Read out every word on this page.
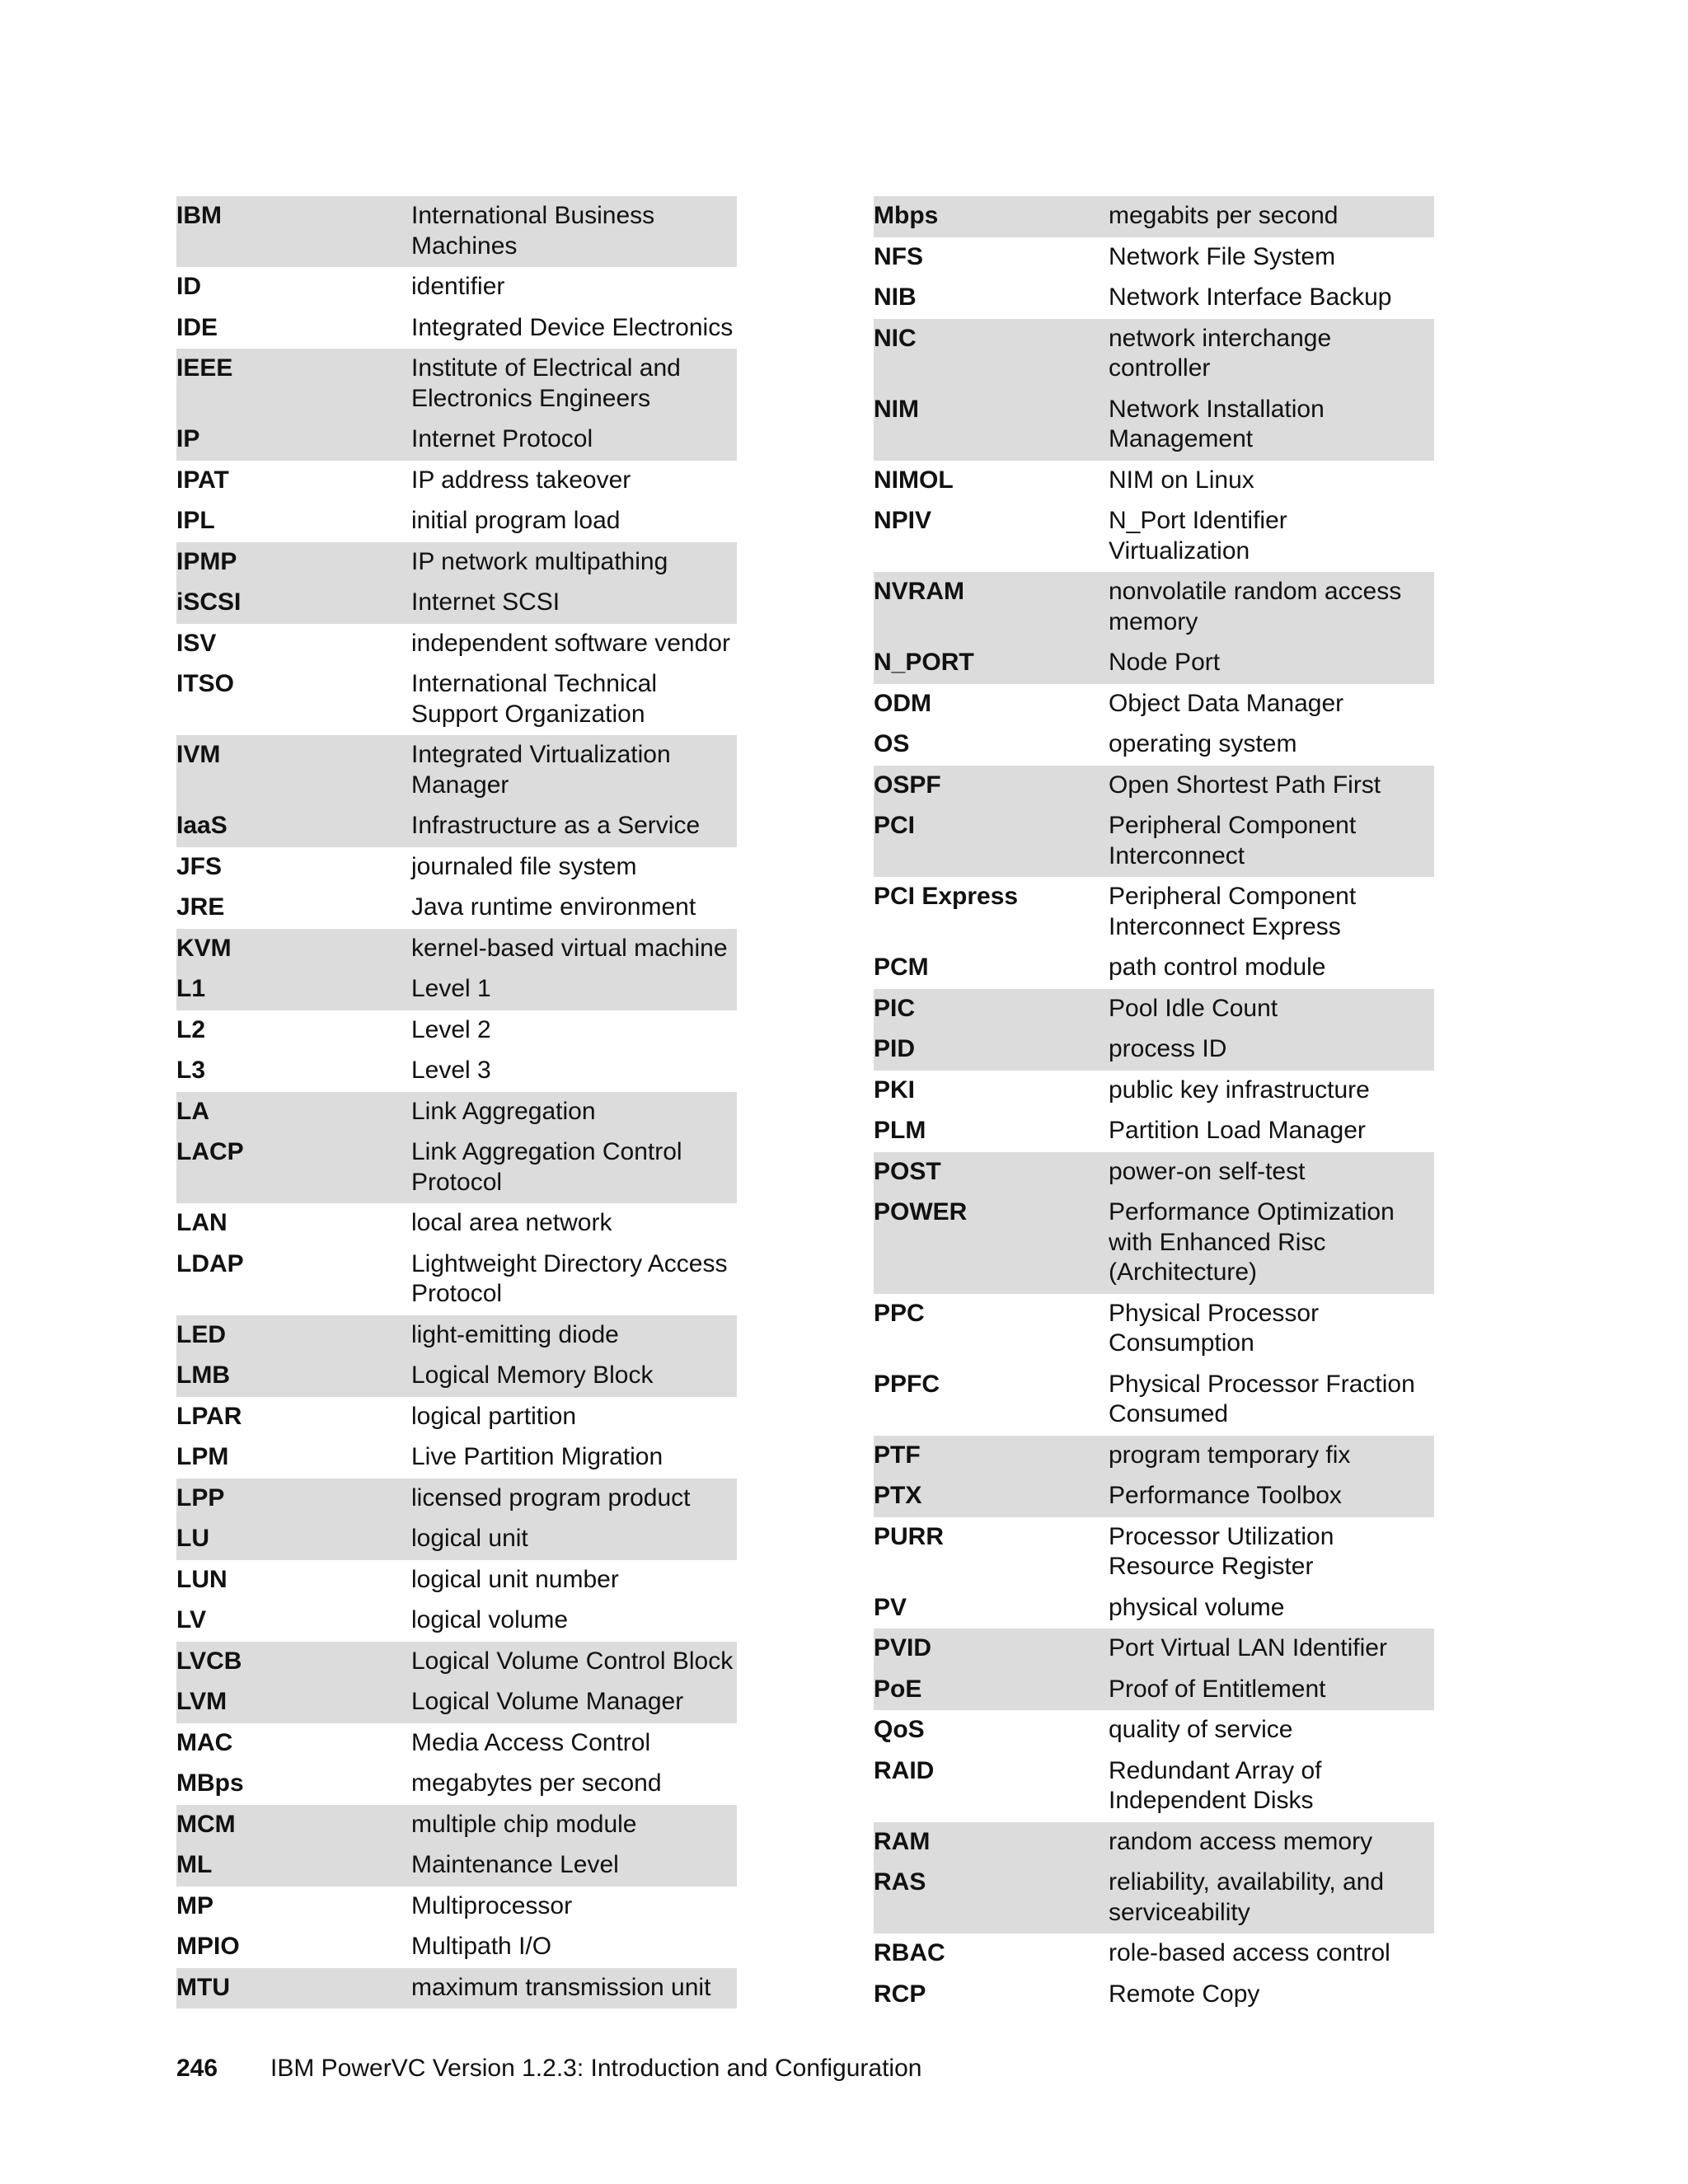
IBM	International Business
Machines
ID	identifier
IDE	Integrated Device Electronics
IEEE	Institute of Electrical and
Electronics Engineers
IP	Internet Protocol
IPAT	IP address takeover
IPL	initial program load
IPMP	IP network multipathing
iSCSI	Internet SCSI
ISV	independent software vendor
ITSO	International Technical
Support Organization
IVM	Integrated Virtualization
Manager
IaaS	Infrastructure as a Service
JFS	journaled file system
JRE	Java runtime environment
KVM	kernel-based virtual machine
L1	Level 1
L2	Level 2
L3	Level 3
LA	Link Aggregation
LACP	Link Aggregation Control
Protocol
LAN	local area network
LDAP	Lightweight Directory Access
Protocol
LED	light-emitting diode
LMB	Logical Memory Block
LPAR	logical partition
LPM	Live Partition Migration
LPP	licensed program product
LU	logical unit
LUN	logical unit number
LV	logical volume
LVCB	Logical Volume Control Block
LVM	Logical Volume Manager
MAC	Media Access Control
MBps	megabytes per second
MCM	multiple chip module
ML	Maintenance Level
MP	Multiprocessor
MPIO	Multipath I/O
MTU	maximum transmission unit
Mbps	megabits per second
NFS	Network File System
NIB	Network Interface Backup
NIC	network interchange
controller
NIM	Network Installation
Management
NIMOL	NIM on Linux
NPIV	N_Port Identifier Virtualization
NVRAM	nonvolatile random access
memory
N_PORT	Node Port
ODM	Object Data Manager
OS	operating system
OSPF	Open Shortest Path First
PCI	Peripheral Component
Interconnect
PCI Express	Peripheral Component
Interconnect Express
PCM	path control module
PIC	Pool Idle Count
PID	process ID
PKI	public key infrastructure
PLM	Partition Load Manager
POST	power-on self-test
POWER	Performance Optimization
with Enhanced Risc
(Architecture)
PPC	Physical Processor
Consumption
PPFC	Physical Processor Fraction
Consumed
PTF	program temporary fix
PTX	Performance Toolbox
PURR	Processor Utilization
Resource Register
PV	physical volume
PVID	Port Virtual LAN Identifier
PoE	Proof of Entitlement
QoS	quality of service
RAID	Redundant Array of
Independent Disks
RAM	random access memory
RAS	reliability, availability, and
serviceability
RBAC	role-based access control
RCP	Remote Copy
246 IBM PowerVC Version 1.2.3: Introduction and Configuration
